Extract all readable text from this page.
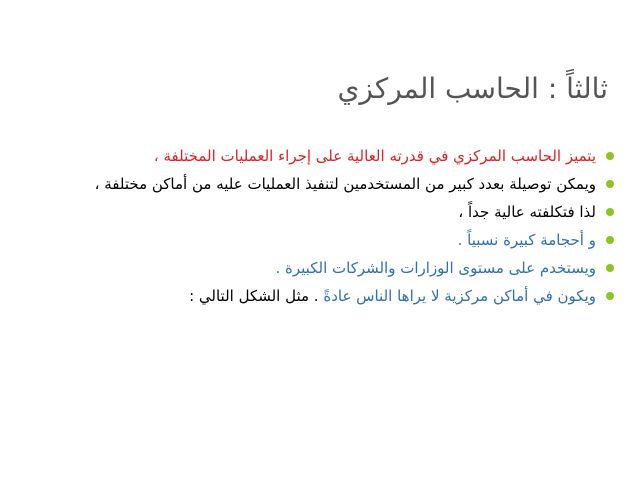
ثالثاً : الحاسب المركزي
يتميز الحاسب المركزي في قدرته العالية على إجراء العمليات المختلفة ،
ويمكن توصيلة بعدد كبير من المستخدمين لتنفيذ العمليات عليه من أماكن مختلفة ،
لذا فتكلفته عالية جداً ،
و أحجامة كبيرة نسبياً .
ويستخدم على مستوى الوزارات والشركات الكبيرة .
ويكون في أماكن مركزية لا يراها الناس عادةً . مثل الشكل التالي :
